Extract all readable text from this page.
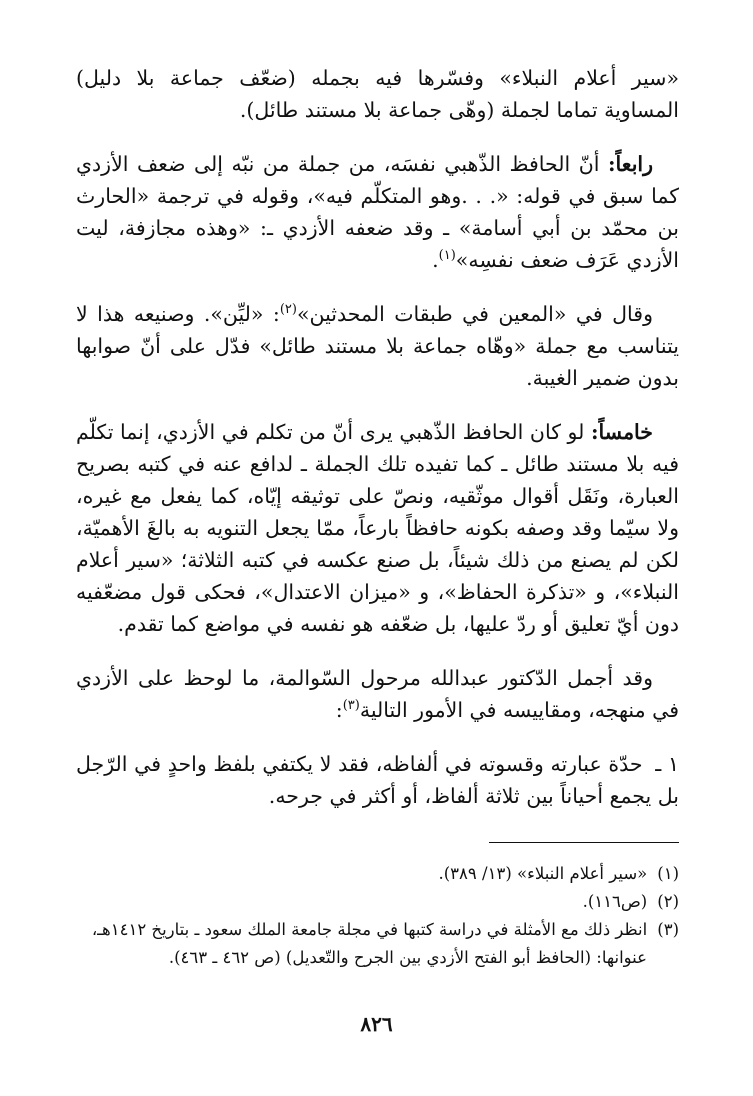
«سير أعلام النبلاء» وفسّرها فيه بجمله (ضعّف جماعة بلا دليل) المساوية تماما لجملة (وهّى جماعة بلا مستند طائل).

رابعاً: أنّ الحافظ الذّهبي نفسَه، من جملة من نبّه إلى ضعف الأزدي كما سبق في قوله: «. . .وهو المتكلّم فيه»، وقوله في ترجمة «الحارث بن محمّد بن أبي أسامة» ـ وقد ضعفه الأزدي ـ: «وهذه مجازفة، ليت الأزدي عَرَف ضعف نفسِه»$^{(١)}$.

وقال في «المعين في طبقات المحدثين»$^{(٢)}$: «ليِّن». وصنيعه هذا لا يتناسب مع جملة «وهّاه جماعة بلا مستند طائل» فدّل على أنّ صوابها بدون ضمير الغيبة.

خامساً: لو كان الحافظ الذّهبي يرى أنّ من تكلم في الأزدي، إنما تكلّم فيه بلا مستند طائل ـ كما تفيده تلك الجملة ـ لدافع عنه في كتبه بصريح العبارة، ونَقَل أقوال موثّقيه، ونصّ على توثيقه إيّاه، كما يفعل مع غيره، ولا سيّما وقد وصفه بكونه حافظاً بارعاً، ممّا يجعل التنويه به بالغَ الأهميّة، لكن لم يصنع من ذلك شيئاً، بل صنع عكسه في كتبه الثلاثة؛ «سير أعلام النبلاء»، و «تذكرة الحفاظ»، و «ميزان الاعتدال»، فحكى قول مضعّفيه دون أيّ تعليق أو ردّ عليها، بل ضعّفه هو نفسه في مواضع كما تقدم.

وقد أجمل الدّكتور عبدالله مرحول السّوالمة، ما لوحظ على الأزدي في منهجه، ومقاييسه في الأمور التالية$^{(٣)}$:

١ ـ حدّة عبارته وقسوته في ألفاظه، فقد لا يكتفي بلفظ واحدٍ في الرّجل بل يجمع أحياناً بين ثلاثة ألفاظ، أو أكثر في جرحه.

(١)«سير أعلام النبلاء» (١٣/ ٣٨٩).

(٢)(ص١١٦).

(٣)انظر ذلك مع الأمثلة في دراسة كتبها في مجلة جامعة الملك سعود ـ بتاريخ ١٤١٢هـ،

عنوانها: (الحافظ أبو الفتح الأزدي بين الجرح والتّعديل) (ص ٤٦٢ ـ ٤٦٣).

٨٢٦
